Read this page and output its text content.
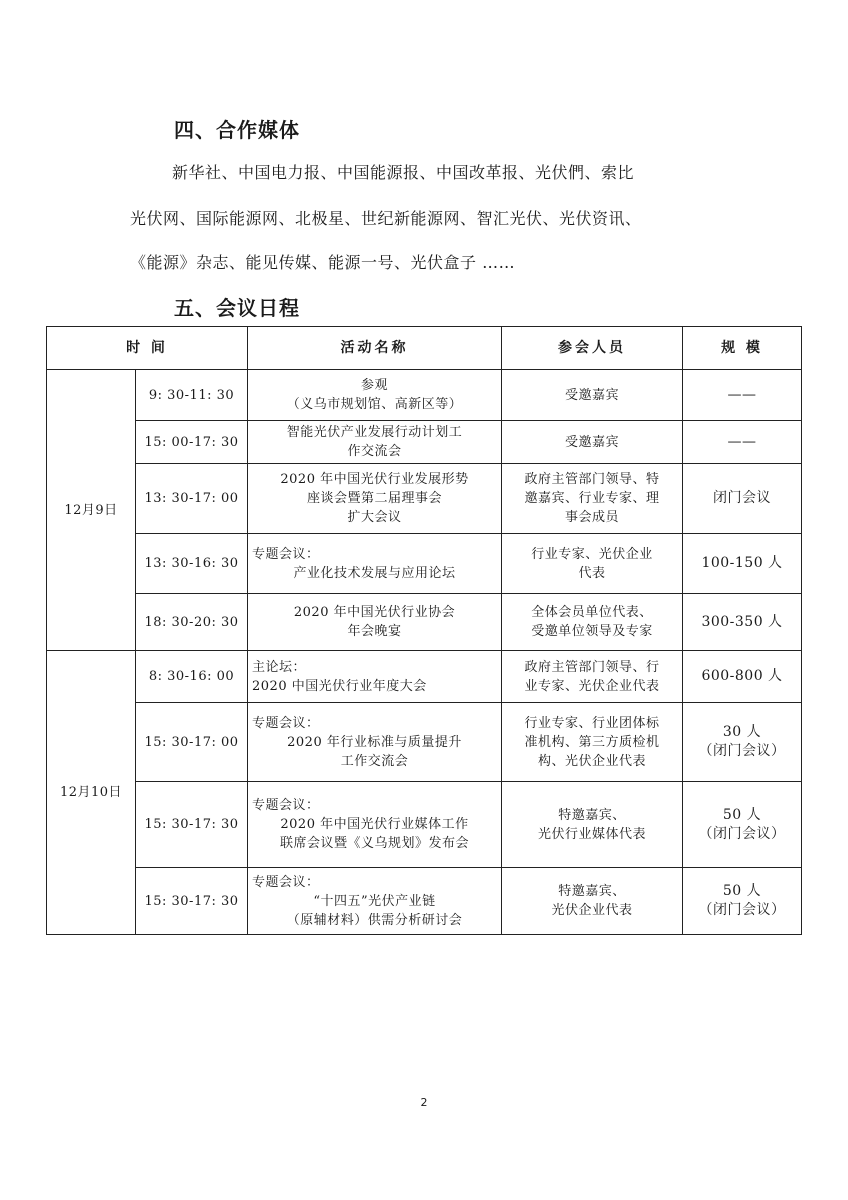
四、合作媒体
新华社、中国电力报、中国能源报、中国改革报、光伏們、索比
光伏网、国际能源网、北极星、世纪新能源网、智汇光伏、光伏资讯、
《能源》杂志、能见传媒、能源一号、光伏盒子 ……
五、会议日程
时 间		活动名称	参会人员	规 模
12月9日	9: 30-11: 30	参观
（义乌市规划馆、高新区等）	受邀嘉宾	——

	15: 00-17: 30	智能光伏产业发展行动计划工
作交流会	受邀嘉宾	——

	13: 30-17: 00	2020 年中国光伏行业发展形势
座谈会暨第二届理事会
扩大会议	政府主管部门领导、特
邀嘉宾、行业专家、理
事会成员	闭门会议

	13: 30-16: 30	专题会议：
产业化技术发展与应用论坛	行业专家、光伏企业
代表	100-150 人

	18: 30-20: 30	2020 年中国光伏行业协会
年会晚宴	全体会员单位代表、
受邀单位领导及专家	300-350 人

12月10日	8: 30-16: 00	主论坛：
2020 中国光伏行业年度大会	政府主管部门领导、行
业专家、光伏企业代表	600-800 人

	15: 30-17: 00	专题会议：
2020 年行业标准与质量提升
工作交流会	行业专家、行业团体标
准机构、第三方质检机
构、光伏企业代表	30 人
（闭门会议）

	15: 30-17: 30	专题会议：
2020 年中国光伏行业媒体工作
联席会议暨《义乌规划》发布会	特邀嘉宾、
光伏行业媒体代表	50 人
（闭门会议）

	15: 30-17: 30	专题会议：
“十四五”光伏产业链
（原辅材料）供需分析研讨会	特邀嘉宾、
光伏企业代表	50 人
（闭门会议）
2
